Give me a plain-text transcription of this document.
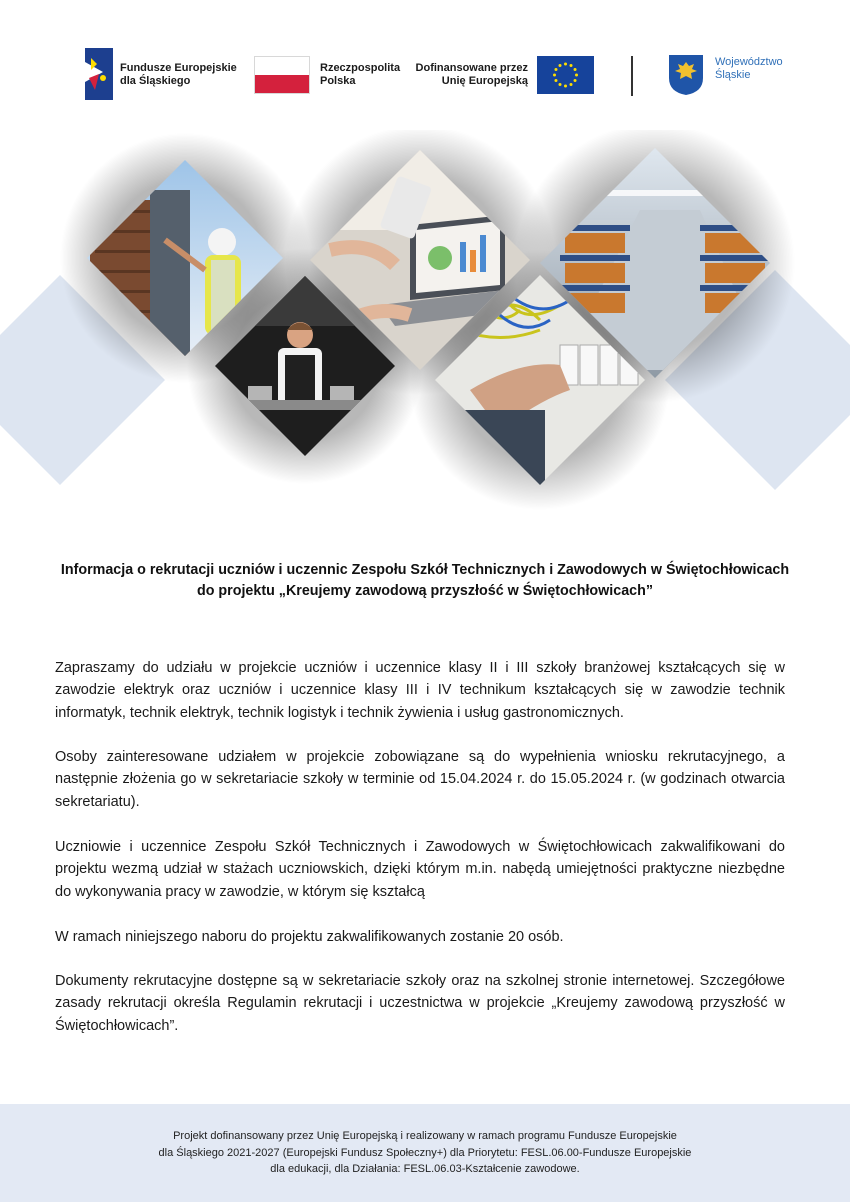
Fundusze Europejskie
dla Śląskiego
Rzeczpospolita
Polska
Dofinansowane przez
Unię Europejską
Województwo
Śląskie
Informacja o rekrutacji uczniów i uczennic Zespołu Szkół Technicznych i Zawodowych w Świętochłowicach
do projektu „Kreujemy zawodową przyszłość w Świętochłowicach”
Zapraszamy do udziału w projekcie uczniów i uczennice klasy II i III szkoły branżowej kształcących się w zawodzie elektryk oraz uczniów i uczennice klasy III i IV technikum kształcących się w zawodzie technik informatyk, technik elektryk, technik logistyk i technik żywienia i usług gastronomicznych.
Osoby zainteresowane udziałem w projekcie zobowiązane są do wypełnienia wniosku rekrutacyjnego, a następnie złożenia go w sekretariacie szkoły w terminie od 15.04.2024 r. do 15.05.2024 r. (w godzinach otwarcia sekretariatu).
Uczniowie i uczennice Zespołu Szkół Technicznych i Zawodowych w Świętochłowicach zakwalifikowani do projektu wezmą udział w stażach uczniowskich, dzięki którym m.in. nabędą umiejętności praktyczne niezbędne do wykonywania pracy w zawodzie, w którym się kształcą
W ramach niniejszego naboru do projektu zakwalifikowanych zostanie 20 osób.
Dokumenty rekrutacyjne dostępne są w sekretariacie szkoły oraz na szkolnej stronie internetowej. Szczegółowe zasady rekrutacji określa Regulamin rekrutacji i uczestnictwa w projekcie „Kreujemy zawodową przyszłość w Świętochłowicach”.
Projekt dofinansowany przez Unię Europejską i realizowany w ramach programu Fundusze Europejskie
dla Śląskiego 2021-2027 (Europejski Fundusz Społeczny+) dla Priorytetu: FESL.06.00-Fundusze Europejskie
dla edukacji, dla Działania: FESL.06.03-Kształcenie zawodowe.
